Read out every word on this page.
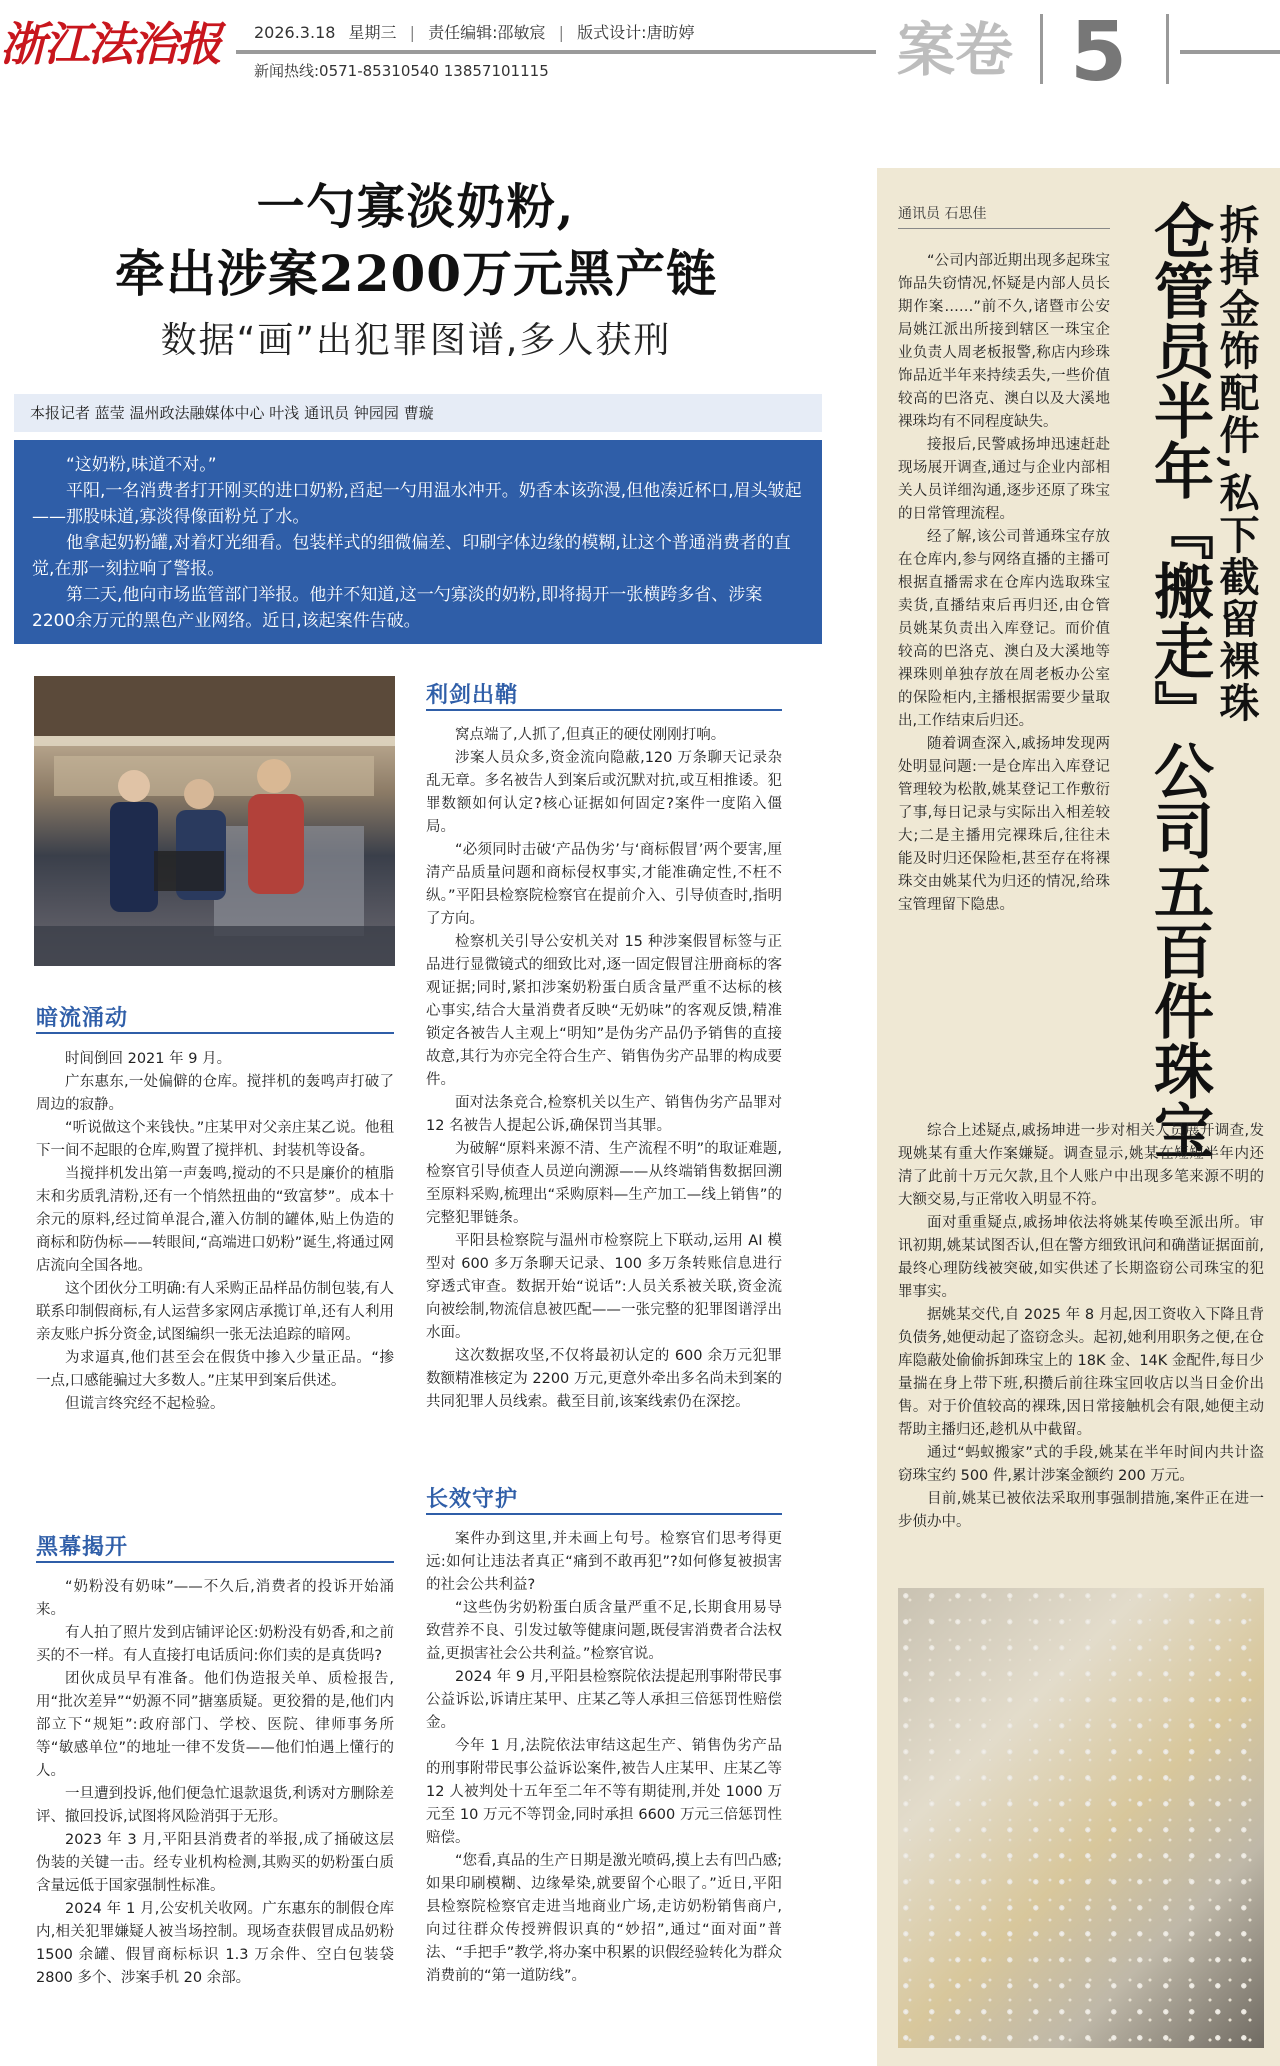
浙江法治报	2026.3.18 星期三 | 责任编辑:邵敏宸 | 版式设计:唐昉婷
新闻热线:0571-85310540 13857101115	案卷 5
一勺寡淡奶粉,
牵出涉案2200万元黑产链
数据“画”出犯罪图谱,多人获刑
本报记者 蓝莹 温州政法融媒体中心 叶浅 通讯员 钟园园 曹璇

“这奶粉,味道不对。”

平阳,一名消费者打开刚买的进口奶粉,舀起一勺用温水冲开。奶香本该弥漫,但他凑近杯口,眉头皱起——那股味道,寡淡得像面粉兑了水。

他拿起奶粉罐,对着灯光细看。包装样式的细微偏差、印刷字体边缘的模糊,让这个普通消费者的直觉,在那一刻拉响了警报。

第二天,他向市场监管部门举报。他并不知道,这一勺寡淡的奶粉,即将揭开一张横跨多省、涉案2200余万元的黑色产业网络。近日,该起案件告破。

暗流涌动

时间倒回 2021 年 9 月。

广东惠东,一处偏僻的仓库。搅拌机的轰鸣声打破了周边的寂静。

“听说做这个来钱快。”庄某甲对父亲庄某乙说。他租下一间不起眼的仓库,购置了搅拌机、封装机等设备。

当搅拌机发出第一声轰鸣,搅动的不只是廉价的植脂末和劣质乳清粉,还有一个悄然扭曲的“致富梦”。成本十余元的原料,经过简单混合,灌入仿制的罐体,贴上伪造的商标和防伪标——转眼间,“高端进口奶粉”诞生,将通过网店流向全国各地。

这个团伙分工明确:有人采购正品样品仿制包装,有人联系印制假商标,有人运营多家网店承揽订单,还有人利用亲友账户拆分资金,试图编织一张无法追踪的暗网。

为求逼真,他们甚至会在假货中掺入少量正品。“掺一点,口感能骗过大多数人。”庄某甲到案后供述。

但谎言终究经不起检验。

黑幕揭开

“奶粉没有奶味”——不久后,消费者的投诉开始涌来。

有人拍了照片发到店铺评论区:奶粉没有奶香,和之前买的不一样。有人直接打电话质问:你们卖的是真货吗?

团伙成员早有准备。他们伪造报关单、质检报告,用“批次差异”“奶源不同”搪塞质疑。更狡猾的是,他们内部立下“规矩”:政府部门、学校、医院、律师事务所等“敏感单位”的地址一律不发货——他们怕遇上懂行的人。

一旦遭到投诉,他们便急忙退款退货,利诱对方删除差评、撤回投诉,试图将风险消弭于无形。

2023 年 3 月,平阳县消费者的举报,成了捅破这层伪装的关键一击。经专业机构检测,其购买的奶粉蛋白质含量远低于国家强制性标准。

2024 年 1 月,公安机关收网。广东惠东的制假仓库内,相关犯罪嫌疑人被当场控制。现场查获假冒成品奶粉 1500 余罐、假冒商标标识 1.3 万余件、空白包装袋 2800 多个、涉案手机 20 余部。

利剑出鞘

窝点端了,人抓了,但真正的硬仗刚刚打响。

涉案人员众多,资金流向隐蔽,120 万条聊天记录杂乱无章。多名被告人到案后或沉默对抗,或互相推诿。犯罪数额如何认定?核心证据如何固定?案件一度陷入僵局。

“必须同时击破‘产品伪劣’与‘商标假冒’两个要害,厘清产品质量问题和商标侵权事实,才能准确定性,不枉不纵。”平阳县检察院检察官在提前介入、引导侦查时,指明了方向。

检察机关引导公安机关对 15 种涉案假冒标签与正品进行显微镜式的细致比对,逐一固定假冒注册商标的客观证据;同时,紧扣涉案奶粉蛋白质含量严重不达标的核心事实,结合大量消费者反映“无奶味”的客观反馈,精准锁定各被告人主观上“明知”是伪劣产品仍予销售的直接故意,其行为亦完全符合生产、销售伪劣产品罪的构成要件。

面对法条竞合,检察机关以生产、销售伪劣产品罪对 12 名被告人提起公诉,确保罚当其罪。

为破解“原料来源不清、生产流程不明”的取证难题,检察官引导侦查人员逆向溯源——从终端销售数据回溯至原料采购,梳理出“采购原料—生产加工—线上销售”的完整犯罪链条。

平阳县检察院与温州市检察院上下联动,运用 AI 模型对 600 多万条聊天记录、100 多万条转账信息进行穿透式审查。数据开始“说话”:人员关系被关联,资金流向被绘制,物流信息被匹配——一张完整的犯罪图谱浮出水面。

这次数据攻坚,不仅将最初认定的 600 余万元犯罪数额精准核定为 2200 万元,更意外牵出多名尚未到案的共同犯罪人员线索。截至目前,该案线索仍在深挖。

长效守护

案件办到这里,并未画上句号。检察官们思考得更远:如何让违法者真正“痛到不敢再犯”?如何修复被损害的社会公共利益?

“这些伪劣奶粉蛋白质含量严重不足,长期食用易导致营养不良、引发过敏等健康问题,既侵害消费者合法权益,更损害社会公共利益。”检察官说。

2024 年 9 月,平阳县检察院依法提起刑事附带民事公益诉讼,诉请庄某甲、庄某乙等人承担三倍惩罚性赔偿金。

今年 1 月,法院依法审结这起生产、销售伪劣产品的刑事附带民事公益诉讼案件,被告人庄某甲、庄某乙等 12 人被判处十五年至二年不等有期徒刑,并处 1000 万元至 10 万元不等罚金,同时承担 6600 万元三倍惩罚性赔偿。

“您看,真品的生产日期是激光喷码,摸上去有凹凸感;如果印刷模糊、边缘晕染,就要留个心眼了。”近日,平阳县检察院检察官走进当地商业广场,走访奶粉销售商户,向过往群众传授辨假识真的“妙招”,通过“面对面”普法、“手把手”教学,将办案中积累的识假经验转化为群众消费前的“第一道防线”。

拆掉金饰配件,私下截留裸珠
仓管员半年『搬走』公司五百件珠宝
通讯员 石思佳

“公司内部近期出现多起珠宝饰品失窃情况,怀疑是内部人员长期作案……”前不久,诸暨市公安局姚江派出所接到辖区一珠宝企业负责人周老板报警,称店内珍珠饰品近半年来持续丢失,一些价值较高的巴洛克、澳白以及大溪地裸珠均有不同程度缺失。

接报后,民警戚扬坤迅速赶赴现场展开调查,通过与企业内部相关人员详细沟通,逐步还原了珠宝的日常管理流程。

经了解,该公司普通珠宝存放在仓库内,参与网络直播的主播可根据直播需求在仓库内选取珠宝卖货,直播结束后再归还,由仓管员姚某负责出入库登记。而价值较高的巴洛克、澳白及大溪地等裸珠则单独存放在周老板办公室的保险柜内,主播根据需要少量取出,工作结束后归还。

随着调查深入,戚扬坤发现两处明显问题:一是仓库出入库登记管理较为松散,姚某登记工作敷衍了事,每日记录与实际出入相差较大;二是主播用完裸珠后,往往未能及时归还保险柜,甚至存在将裸珠交由姚某代为归还的情况,给珠宝管理留下隐患。

综合上述疑点,戚扬坤进一步对相关人员展开调查,发现姚某有重大作案嫌疑。调查显示,姚某在短短半年内还清了此前十万元欠款,且个人账户中出现多笔来源不明的大额交易,与正常收入明显不符。

面对重重疑点,戚扬坤依法将姚某传唤至派出所。审讯初期,姚某试图否认,但在警方细致讯问和确凿证据面前,最终心理防线被突破,如实供述了长期盗窃公司珠宝的犯罪事实。

据姚某交代,自 2025 年 8 月起,因工资收入下降且背负债务,她便动起了盗窃念头。起初,她利用职务之便,在仓库隐蔽处偷偷拆卸珠宝上的 18K 金、14K 金配件,每日少量揣在身上带下班,积攒后前往珠宝回收店以当日金价出售。对于价值较高的裸珠,因日常接触机会有限,她便主动帮助主播归还,趁机从中截留。

通过“蚂蚁搬家”式的手段,姚某在半年时间内共计盗窃珠宝约 500 件,累计涉案金额约 200 万元。

目前,姚某已被依法采取刑事强制措施,案件正在进一步侦办中。
